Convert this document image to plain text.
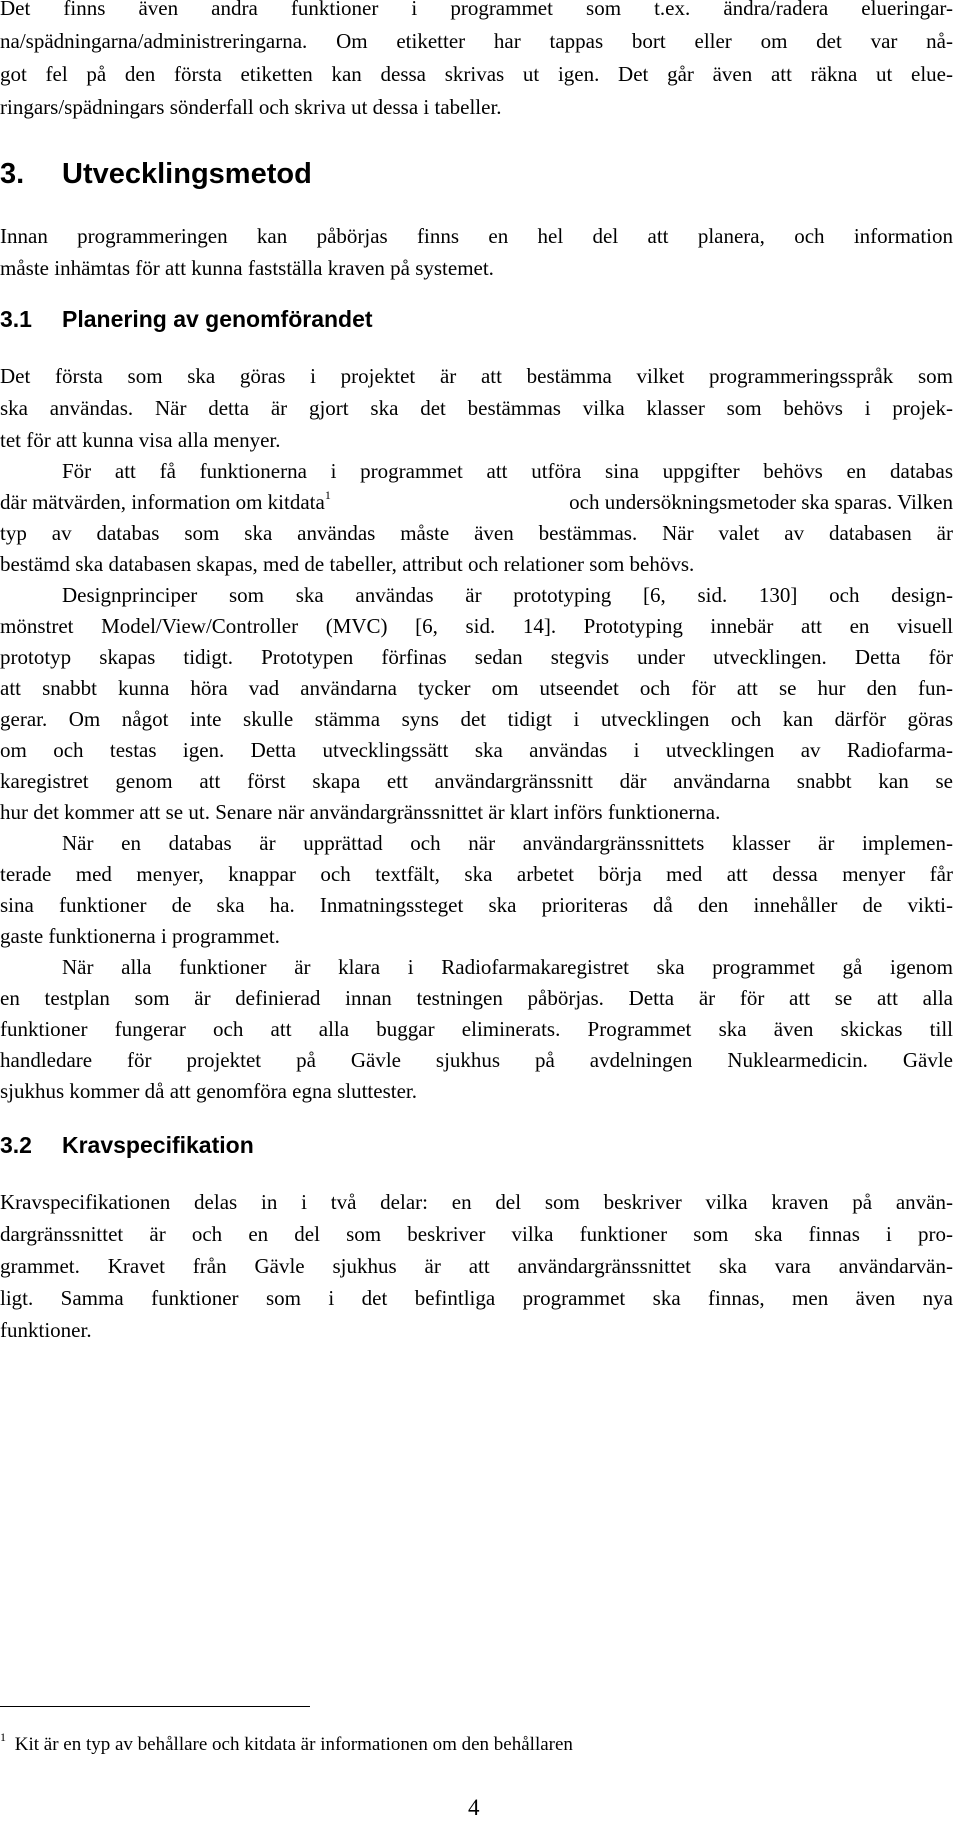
Det finns även andra funktioner i programmet som t.ex. ändra/radera elueringar-
na/spädningarna/administreringarna. Om etiketter har tappas bort eller om det var nå-
got fel på den första etiketten kan dessa skrivas ut igen. Det går även att räkna ut elue-
ringars/spädningars sönderfall och skriva ut dessa i tabeller.
3. Utvecklingsmetod
Innan programmeringen kan påbörjas finns en hel del att planera, och information
måste inhämtas för att kunna fastställa kraven på systemet.
3.1 Planering av genomförandet
Det första som ska göras i projektet är att bestämma vilket programmeringsspråk som
ska användas. När detta är gjort ska det bestämmas vilka klasser som behövs i projek-
tet för att kunna visa alla menyer.
För att få funktionerna i programmet att utföra sina uppgifter behövs en databas
där mätvärden, information om kitdata$^1$	och undersökningsmetoder ska sparas. Vilken
typ av databas som ska användas måste även bestämmas. När valet av databasen är
bestämd ska databasen skapas, med de tabeller, attribut och relationer som behövs.
Designprinciper som ska användas är prototyping [6, sid. 130] och design-
mönstret Model/View/Controller (MVC) [6, sid. 14]. Prototyping innebär att en visuell
prototyp skapas tidigt. Prototypen förfinas sedan stegvis under utvecklingen. Detta för
att snabbt kunna höra vad användarna tycker om utseendet och för att se hur den fun-
gerar. Om något inte skulle stämma syns det tidigt i utvecklingen och kan därför göras
om och testas igen. Detta utvecklingssätt ska användas i utvecklingen av Radiofarma-
karegistret genom att först skapa ett användargränssnitt där användarna snabbt kan se
hur det kommer att se ut. Senare när användargränssnittet är klart införs funktionerna.
När en databas är upprättad och när användargränssnittets klasser är implemen-
terade med menyer, knappar och textfält, ska arbetet börja med att dessa menyer får
sina funktioner de ska ha. Inmatningssteget ska prioriteras då den innehåller de vikti-
gaste funktionerna i programmet.
När alla funktioner är klara i Radiofarmakaregistret ska programmet gå igenom
en testplan som är definierad innan testningen påbörjas. Detta är för att se att alla
funktioner fungerar och att alla buggar eliminerats. Programmet ska även skickas till
handledare för projektet på Gävle sjukhus på avdelningen Nuklearmedicin. Gävle
sjukhus kommer då att genomföra egna sluttester.
3.2 Kravspecifikation
Kravspecifikationen delas in i två delar: en del som beskriver vilka kraven på använ-
dargränssnittet är och en del som beskriver vilka funktioner som ska finnas i pro-
grammet. Kravet från Gävle sjukhus är att användargränssnittet ska vara användarvän-
ligt. Samma funktioner som i det befintliga programmet ska finnas, men även nya
funktioner.
$^1$ Kit är en typ av behållare och kitdata är informationen om den behållaren
4
